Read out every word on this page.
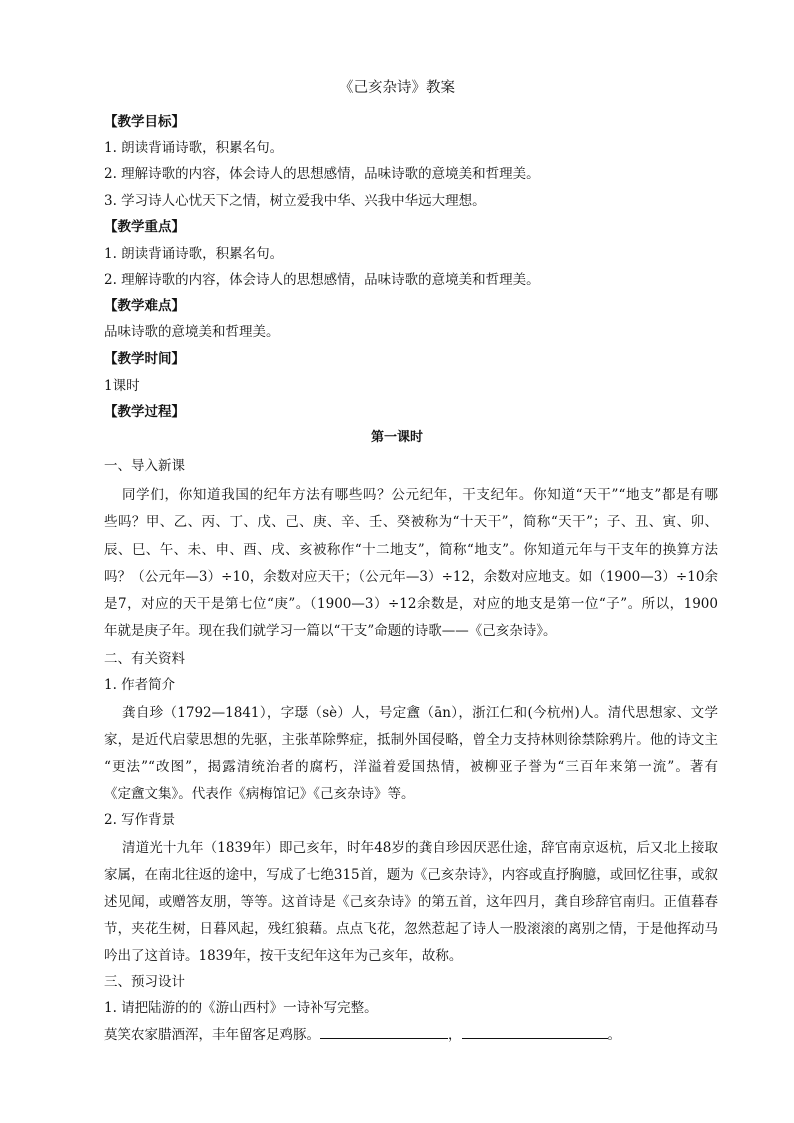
《己亥杂诗》教案
第一课时
【教学目标】
1. 朗读背诵诗歌，积累名句。
2. 理解诗歌的内容，体会诗人的思想感情，品味诗歌的意境美和哲理美。
3. 学习诗人心忧天下之情，树立爱我中华、兴我中华远大理想。
【教学重点】
1. 朗读背诵诗歌，积累名句。
2. 理解诗歌的内容，体会诗人的思想感情，品味诗歌的意境美和哲理美。
【教学难点】
品味诗歌的意境美和哲理美。
【教学时间】
1课时
【教学过程】
一、导入新课
同学们，你知道我国的纪年方法有哪些吗？公元纪年，干支纪年。你知道“天干”“地支”都是有哪
些吗？甲、乙、丙、丁、戊、己、庚、辛、壬、癸被称为“十天干”，简称“天干”；子、丑、寅、卯、
辰、巳、午、未、申、酉、戌、亥被称作“十二地支”，简称“地支”。你知道元年与干支年的换算方法
吗？（公元年—3）÷10，余数对应天干；（公元年—3）÷12，余数对应地支。如（1900—3）÷10余
是7，对应的天干是第七位“庚”。（1900—3）÷12余数是，对应的地支是第一位“子”。所以，1900
年就是庚子年。现在我们就学习一篇以“干支”命题的诗歌——《己亥杂诗》。
二、有关资料
1. 作者简介
龚自珍（1792—1841），字璱（sè）人，号定盦（ān），浙江仁和(今杭州)人。清代思想家、文学
家，是近代启蒙思想的先驱，主张革除弊症，抵制外国侵略，曾全力支持林则徐禁除鸦片。他的诗文主
“更法”“改图”，揭露清统治者的腐朽，洋溢着爱国热情，被柳亚子誉为“三百年来第一流”。著有
《定盦文集》。代表作《病梅馆记》《己亥杂诗》等。
2. 写作背景
清道光十九年（1839年）即己亥年，时年48岁的龚自珍因厌恶仕途，辞官南京返杭，后又北上接取
家属，在南北往返的途中，写成了七绝315首，题为《己亥杂诗》，内容或直抒胸臆，或回忆往事，或叙
述见闻，或赠答友朋，等等。这首诗是《己亥杂诗》的第五首，这年四月，龚自珍辞官南归。正值暮春
节，夹花生树，日暮风起，残红狼藉。点点飞花，忽然惹起了诗人一股滚滚的离别之情，于是他挥动马
吟出了这首诗。1839年，按干支纪年这年为己亥年，故称。
三、预习设计
1. 请把陆游的的《游山西村》一诗补写完整。
莫笑农家腊酒浑，丰年留客足鸡豚。	，	。
